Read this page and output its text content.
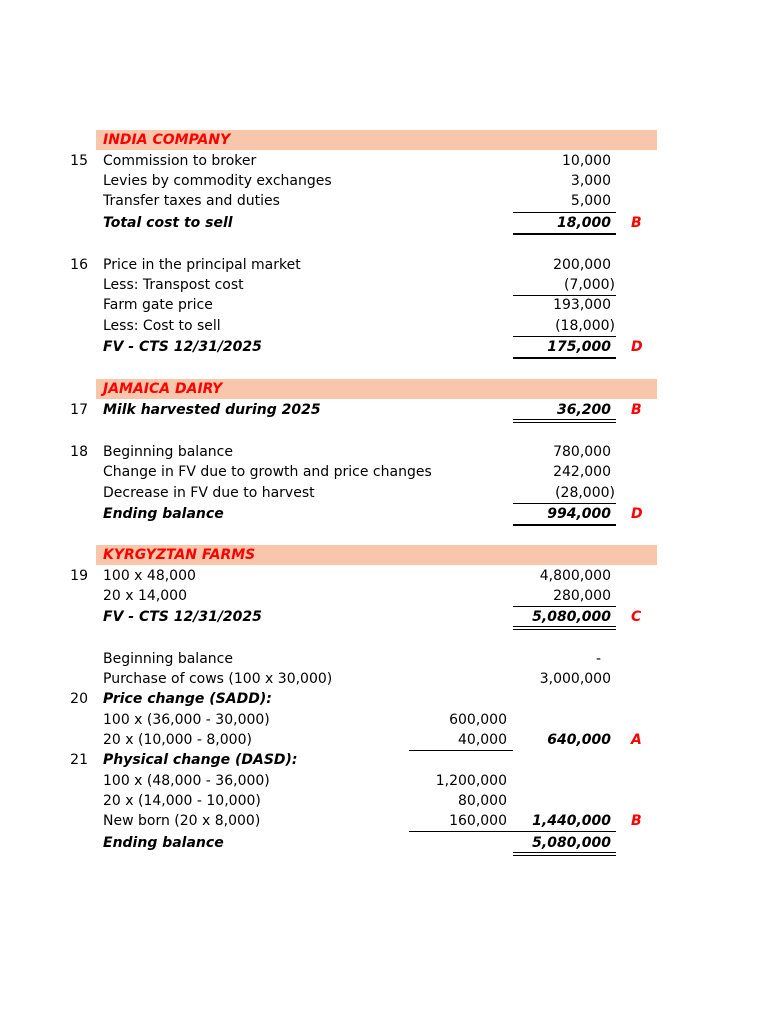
INDIA COMPANY
15 Commission to broker	10,000
Levies by commodity exchanges	3,000
Transfer taxes and duties	5,000
Total cost to sell	18,000 B
16 Price in the principal market	200,000
Less: Transpost cost	(7,000)
Farm gate price	193,000
Less: Cost to sell	(18,000)
FV - CTS 12/31/2025	175,000 D
JAMAICA DAIRY
17 Milk harvested during 2025	36,200 B
18 Beginning balance	780,000
Change in FV due to growth and price changes	242,000
Decrease in FV due to harvest	(28,000)
Ending balance	994,000 D
KYRGYZTAN FARMS
19 100 x 48,000	4,800,000
20 x 14,000	280,000
FV - CTS 12/31/2025	5,080,000 C
Beginning balance	-
Purchase of cows (100 x 30,000)	3,000,000
20 Price change (SADD):
100 x (36,000 - 30,000)	600,000
20 x (10,000 - 8,000)	40,000	640,000 A
21 Physical change (DASD):
100 x (48,000 - 36,000)	1,200,000
20 x (14,000 - 10,000)	80,000
New born (20 x 8,000)	160,000	1,440,000 B
Ending balance	5,080,000
